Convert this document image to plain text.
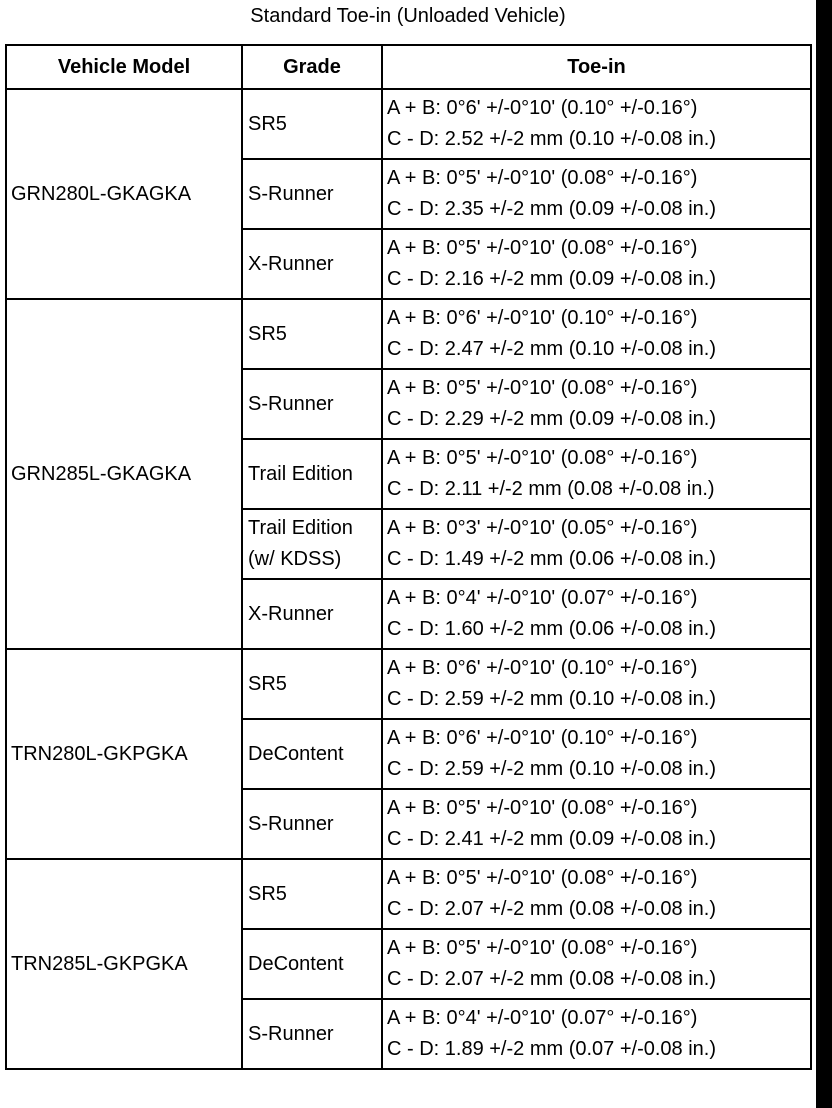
Standard Toe-in (Unloaded Vehicle)
Vehicle Model	Grade	Toe-in
GRN280L-GKAGKA	SR5	A + B: 0°6' +/-0°10' (0.10° +/-0.16°)
C - D: 2.52 +/-2 mm (0.10 +/-0.08 in.)

	S-Runner	A + B: 0°5' +/-0°10' (0.08° +/-0.16°)
C - D: 2.35 +/-2 mm (0.09 +/-0.08 in.)

	X-Runner	A + B: 0°5' +/-0°10' (0.08° +/-0.16°)
C - D: 2.16 +/-2 mm (0.09 +/-0.08 in.)

GRN285L-GKAGKA	SR5	A + B: 0°6' +/-0°10' (0.10° +/-0.16°)
C - D: 2.47 +/-2 mm (0.10 +/-0.08 in.)

	S-Runner	A + B: 0°5' +/-0°10' (0.08° +/-0.16°)
C - D: 2.29 +/-2 mm (0.09 +/-0.08 in.)

	Trail Edition	A + B: 0°5' +/-0°10' (0.08° +/-0.16°)
C - D: 2.11 +/-2 mm (0.08 +/-0.08 in.)

	Trail Edition
(w/ KDSS)	A + B: 0°3' +/-0°10' (0.05° +/-0.16°)
C - D: 1.49 +/-2 mm (0.06 +/-0.08 in.)

	X-Runner	A + B: 0°4' +/-0°10' (0.07° +/-0.16°)
C - D: 1.60 +/-2 mm (0.06 +/-0.08 in.)

TRN280L-GKPGKA	SR5	A + B: 0°6' +/-0°10' (0.10° +/-0.16°)
C - D: 2.59 +/-2 mm (0.10 +/-0.08 in.)

	DeContent	A + B: 0°6' +/-0°10' (0.10° +/-0.16°)
C - D: 2.59 +/-2 mm (0.10 +/-0.08 in.)

	S-Runner	A + B: 0°5' +/-0°10' (0.08° +/-0.16°)
C - D: 2.41 +/-2 mm (0.09 +/-0.08 in.)

TRN285L-GKPGKA	SR5	A + B: 0°5' +/-0°10' (0.08° +/-0.16°)
C - D: 2.07 +/-2 mm (0.08 +/-0.08 in.)

	DeContent	A + B: 0°5' +/-0°10' (0.08° +/-0.16°)
C - D: 2.07 +/-2 mm (0.08 +/-0.08 in.)

	S-Runner	A + B: 0°4' +/-0°10' (0.07° +/-0.16°)
C - D: 1.89 +/-2 mm (0.07 +/-0.08 in.)
